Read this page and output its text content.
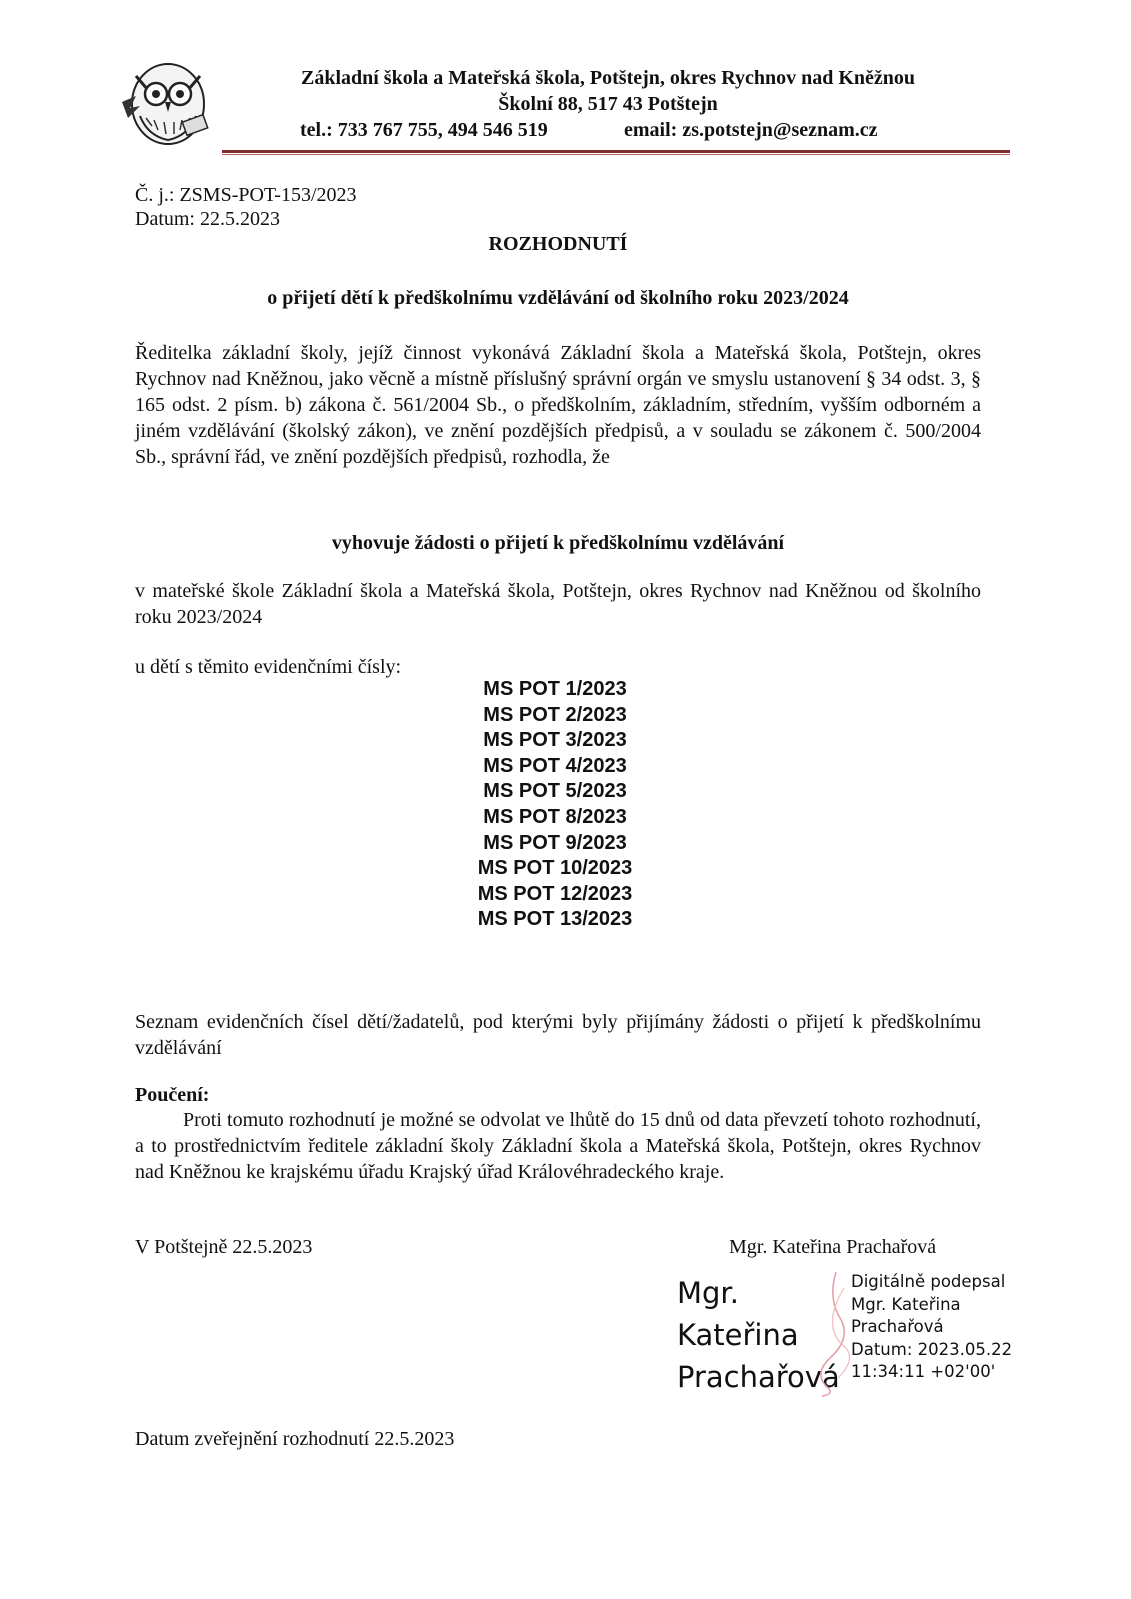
Základní škola a Mateřská škola, Potštejn, okres Rychnov nad Kněžnou
Školní 88, 517 43 Potštejn
tel.: 733 767 755, 494 546 519	email: zs.potstejn@seznam.cz
Č. j.: ZSMS-POT-153/2023
Datum: 22.5.2023
ROZHODNUTÍ
o přijetí dětí k předškolnímu vzdělávání od školního roku 2023/2024
Ředitelka základní školy, jejíž činnost vykonává Základní škola a Mateřská škola, Potštejn, okres Rychnov nad Kněžnou, jako věcně a místně příslušný správní orgán ve smyslu ustanovení § 34 odst. 3, § 165 odst. 2 písm. b) zákona č. 561/2004 Sb., o předškolním, základním, středním, vyšším odborném a jiném vzdělávání (školský zákon), ve znění pozdějších předpisů, a v souladu se zákonem č. 500/2004 Sb., správní řád, ve znění pozdějších předpisů, rozhodla, že
vyhovuje žádosti o přijetí k předškolnímu vzdělávání
v mateřské škole Základní škola a Mateřská škola, Potštejn, okres Rychnov nad Kněžnou od školního roku 2023/2024
u dětí s těmito evidenčními čísly:
MS POT 1/2023
MS POT 2/2023
MS POT 3/2023
MS POT 4/2023
MS POT 5/2023
MS POT 8/2023
MS POT 9/2023
MS POT 10/2023
MS POT 12/2023
MS POT 13/2023
Seznam evidenčních čísel dětí/žadatelů, pod kterými byly přijímány žádosti o přijetí k předškolnímu vzdělávání
Poučení:
Proti tomuto rozhodnutí je možné se odvolat ve lhůtě do 15 dnů od data převzetí tohoto rozhodnutí, a to prostřednictvím ředitele základní školy Základní škola a Mateřská škola, Potštejn, okres Rychnov nad Kněžnou ke krajskému úřadu Krajský úřad Královéhradeckého kraje.
V Potštejně 22.5.2023	Mgr. Kateřina Prachařová
Mgr.
Kateřina
Prachařová
Digitálně podepsal
Mgr. Kateřina
Prachařová
Datum: 2023.05.22
11:34:11 +02'00'
Datum zveřejnění rozhodnutí 22.5.2023
